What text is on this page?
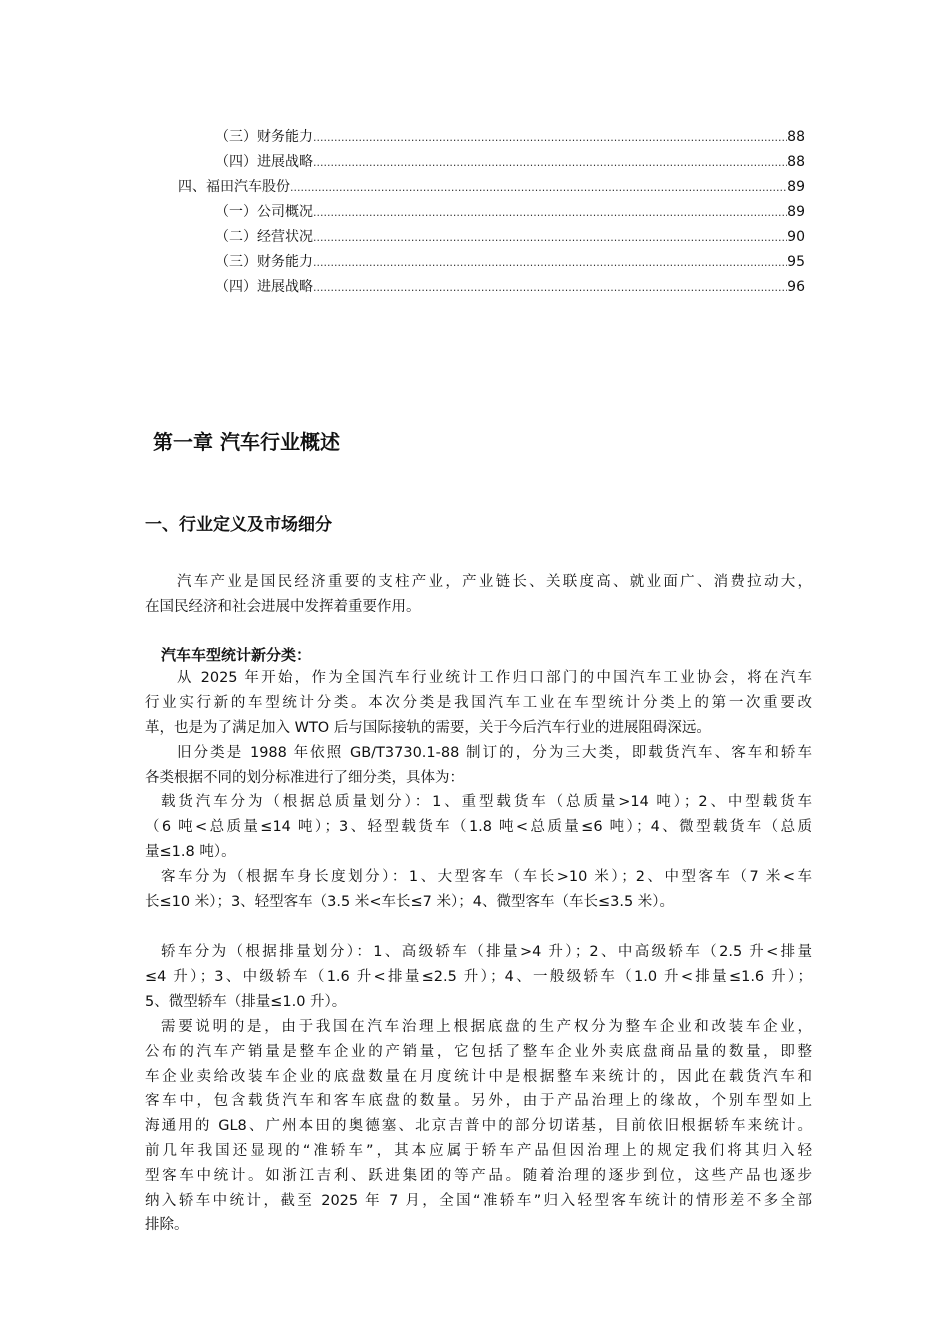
（三）财务能力 .....	88
（四）进展战略 .....	88
四、福田汽车股份 .....	89
（一）公司概况 .....	89
（二）经营状况 .....	90
（三）财务能力 .....	95
（四）进展战略 .....	96
第一章 汽车行业概述
一、行业定义及市场细分
汽车车型统计新分类：
汽车产业是国民经济重要的支柱产业，产业链长、关联度高、就业面广、消费拉动大，
在国民经济和社会进展中发挥着重要作用。
从 2025 年开始，作为全国汽车行业统计工作归口部门的中国汽车工业协会，将在汽车
行业实行新的车型统计分类。本次分类是我国汽车工业在车型统计分类上的第一次重要改
革，也是为了满足加入 WTO 后与国际接轨的需要，关于今后汽车行业的进展阻碍深远。
旧分类是 1988 年依照 GB/T3730.1-88 制订的，分为三大类，即载货汽车、客车和轿车
各类根据不同的划分标准进行了细分类，具体为：
载货汽车分为（根据总质量划分）：1、重型载货车（总质量>14 吨）；2、中型载货车
（6 吨<总质量≤14 吨）；3、轻型载货车（1.8 吨<总质量≤6 吨）；4、微型载货车（总质
量≤1.8 吨）。
客车分为（根据车身长度划分）：1、大型客车（车长>10 米）；2、中型客车（7 米<车
长≤10 米）；3、轻型客车（3.5 米<车长≤7 米）；4、微型客车（车长≤3.5 米）。
轿车分为（根据排量划分）：1、高级轿车（排量>4 升）；2、中高级轿车（2.5 升<排量
≤4 升）；3、中级轿车（1.6 升<排量≤2.5 升）；4、一般级轿车（1.0 升<排量≤1.6 升）；
5、微型轿车（排量≤1.0 升）。
需要说明的是，由于我国在汽车治理上根据底盘的生产权分为整车企业和改装车企业，
公布的汽车产销量是整车企业的产销量，它包括了整车企业外卖底盘商品量的数量，即整
车企业卖给改装车企业的底盘数量在月度统计中是根据整车来统计的，因此在载货汽车和
客车中，包含载货汽车和客车底盘的数量。另外，由于产品治理上的缘故，个别车型如上
海通用的 GL8、广州本田的奥德塞、北京吉普中的部分切诺基，目前依旧根据轿车来统计。
前几年我国还显现的“准轿车”，其本应属于轿车产品但因治理上的规定我们将其归入轻
型客车中统计。如浙江吉利、跃进集团的等产品。随着治理的逐步到位，这些产品也逐步
纳入轿车中统计，截至 2025 年 7 月，全国“准轿车”归入轻型客车统计的情形差不多全部
排除。
